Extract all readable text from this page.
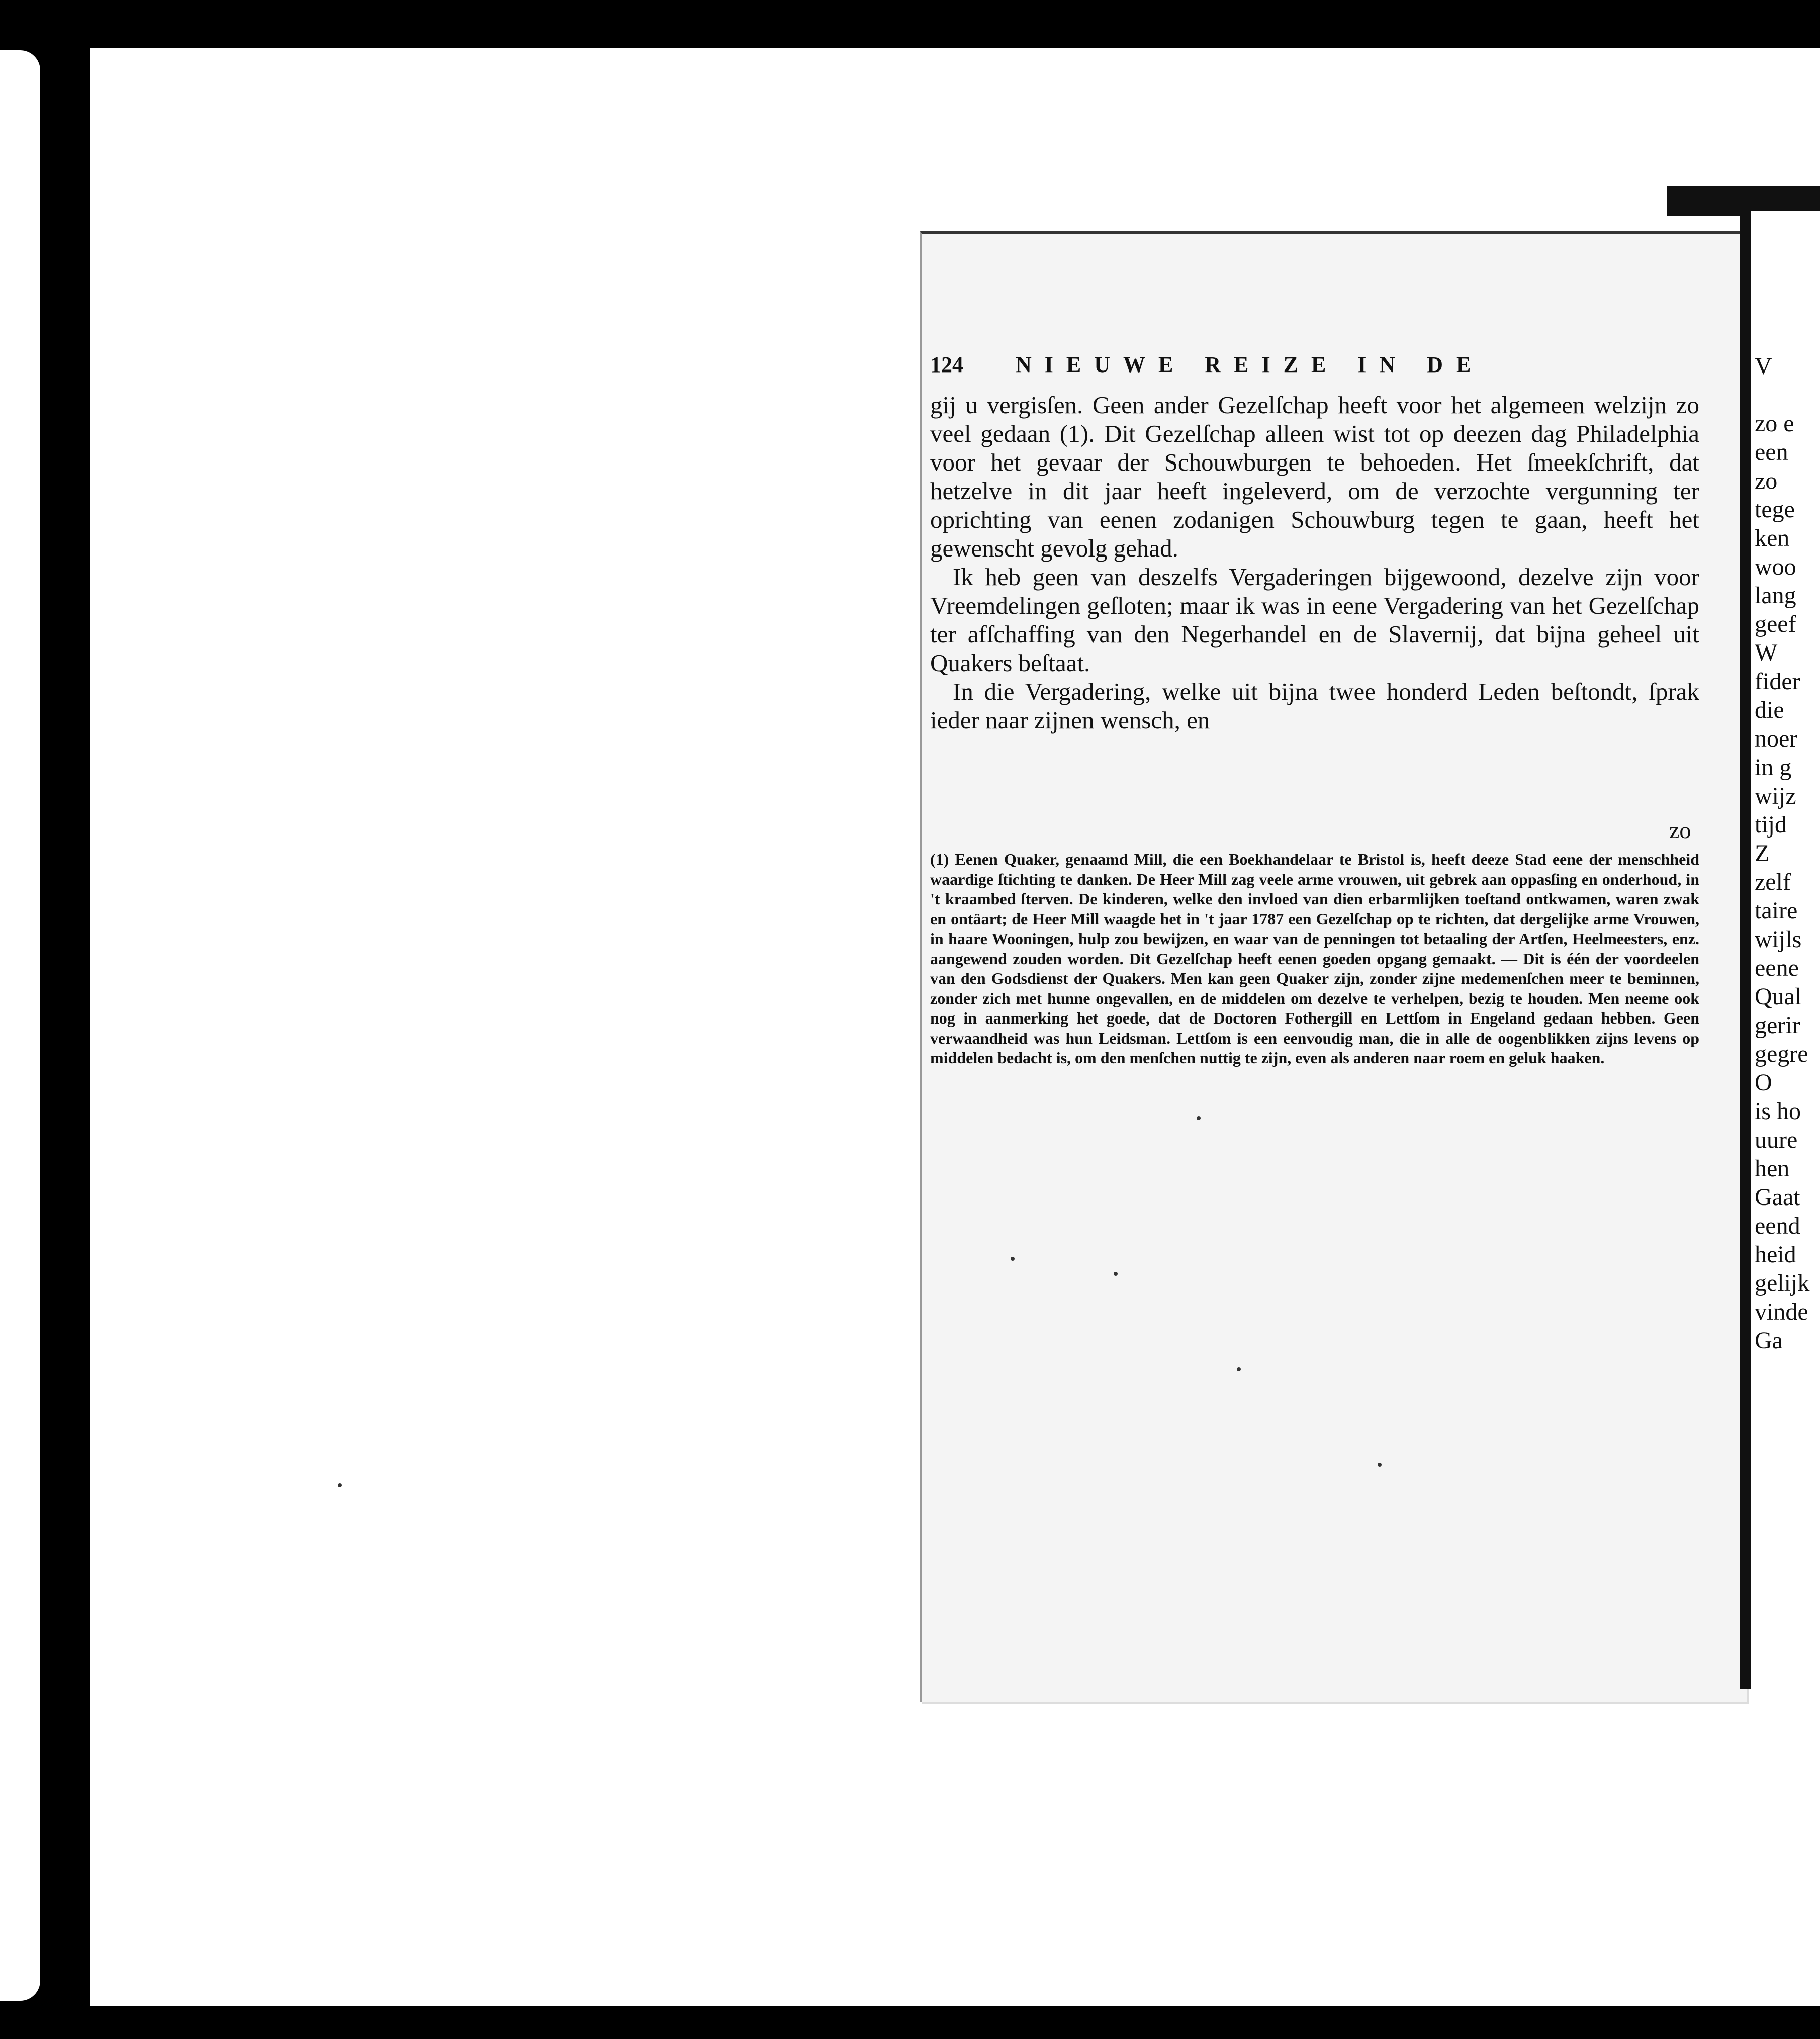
124 NIEUWE REIZE IN DE

gij u vergisſen. Geen ander Gezelſchap heeft voor het algemeen welzijn zo veel gedaan (1). Dit Gezelſchap alleen wist tot op deezen dag Philadelphia voor het gevaar der Schouwburgen te behoeden. Het ſmeekſchrift, dat hetzelve in dit jaar heeft ingeleverd, om de verzochte vergunning ter oprichting van eenen zodanigen Schouwburg tegen te gaan, heeft het gewenscht gevolg gehad.

Ik heb geen van deszelfs Vergaderingen bijgewoond, dezelve zijn voor Vreemdelingen geſloten; maar ik was in eene Vergadering van het Gezelſchap ter afſchaffing van den Negerhandel en de Slavernij, dat bijna geheel uit Quakers beſtaat.

In die Vergadering, welke uit bijna twee honderd Leden beſtondt, ſprak ieder naar zijnen wensch, en

zo

(1) Eenen Quaker, genaamd Mill, die een Boekhandelaar te Bristol is, heeft deeze Stad eene der menschheid waardige ſtichting te danken. De Heer Mill zag veele arme vrouwen, uit gebrek aan oppasſing en onderhoud, in 't kraambed ſterven. De kinderen, welke den invloed van dien erbarmlijken toeſtand ontkwamen, waren zwak en ontäart; de Heer Mill waagde het in 't jaar 1787 een Gezelſchap op te richten, dat dergelijke arme Vrouwen, in haare Wooningen, hulp zou bewijzen, en waar van de penningen tot betaaling der Artſen, Heelmeesters, enz. aangewend zouden worden. Dit Gezelſchap heeft eenen goeden opgang gemaakt. — Dit is één der voordeelen van den Godsdienst der Quakers. Men kan geen Quaker zijn, zonder zijne medemenſchen meer te beminnen, zonder zich met hunne ongevallen, en de middelen om dezelve te verhelpen, bezig te houden. Men neeme ook nog in aanmerking het goede, dat de Doctoren Fothergill en Lettſom in Engeland gedaan hebben. Geen verwaandheid was hun Leidsman. Lettſom is een eenvoudig man, die in alle de oogenblikken zijns levens op middelen bedacht is, om den menſchen nuttig te zijn, even als anderen naar roem en geluk haaken.

V
zo e
een
zo
tege
ken
woo
lang
geef
W
fider
die
noer
in g
wijz
tijd
Z
zelf
taire
wijls
eene
Qual
gerir
gegre
O
is ho
uure
hen
Gaat
eend
heid
gelijk
vinde
Ga
